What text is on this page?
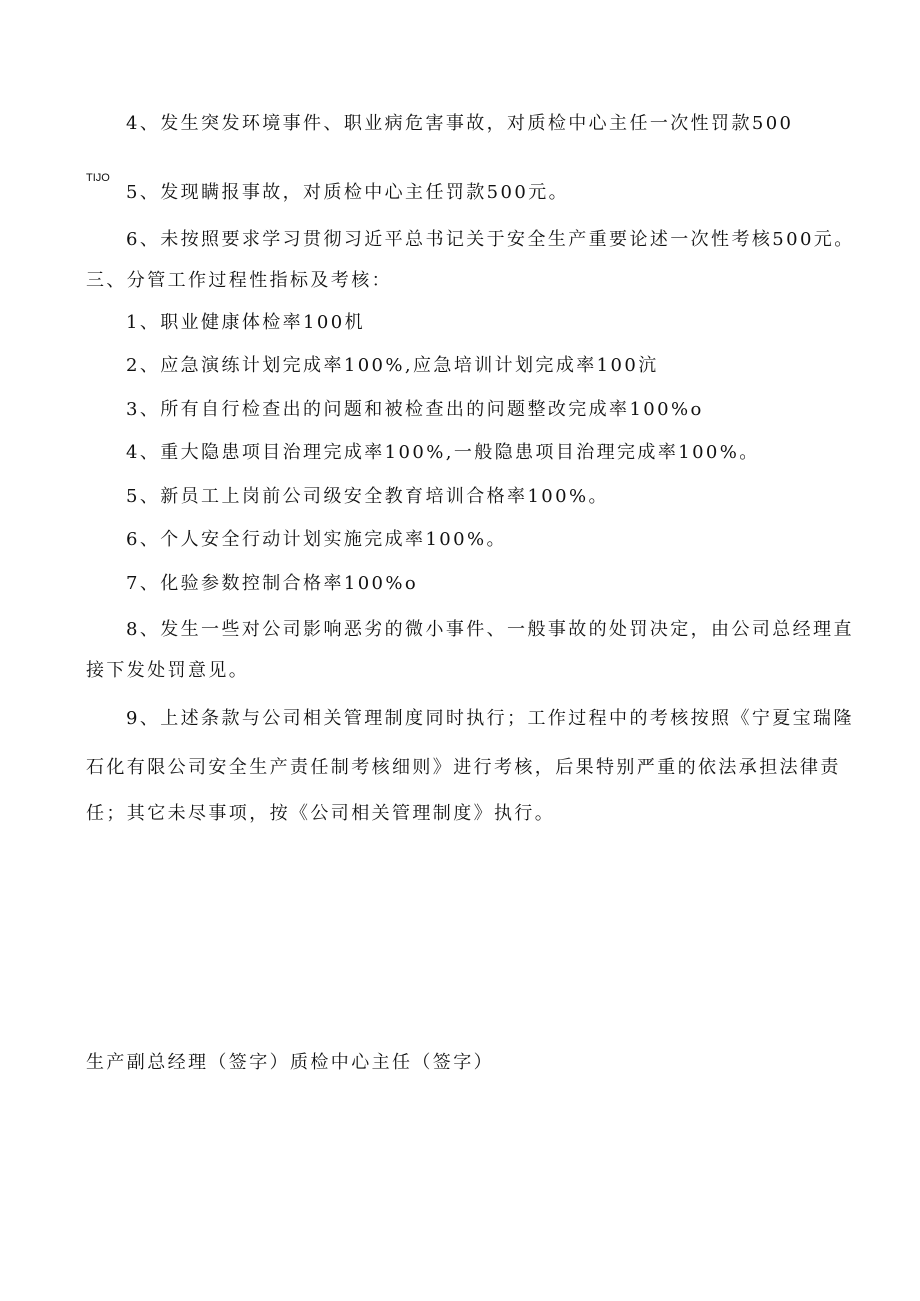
4、发生突发环境事件、职业病危害事故，对质检中心主任一次性罚款500
TIJO
5、发现瞒报事故，对质检中心主任罚款500元。
6、未按照要求学习贯彻习近平总书记关于安全生产重要论述一次性考核500元。
三、分管工作过程性指标及考核：
1、职业健康体检率100机
2、应急演练计划完成率100%,应急培训计划完成率100沆
3、所有自行检查出的问题和被检查出的问题整改完成率100%o
4、重大隐患项目治理完成率100%,一般隐患项目治理完成率100%。
5、新员工上岗前公司级安全教育培训合格率100%。
6、个人安全行动计划实施完成率100%。
7、化验参数控制合格率100%o
8、发生一些对公司影响恶劣的微小事件、一般事故的处罚决定，由公司总经理直
接下发处罚意见。
9、上述条款与公司相关管理制度同时执行；工作过程中的考核按照《宁夏宝瑞隆
石化有限公司安全生产责任制考核细则》进行考核，后果特别严重的依法承担法律责
任；其它未尽事项，按《公司相关管理制度》执行。
生产副总经理（签字）质检中心主任（签字）
